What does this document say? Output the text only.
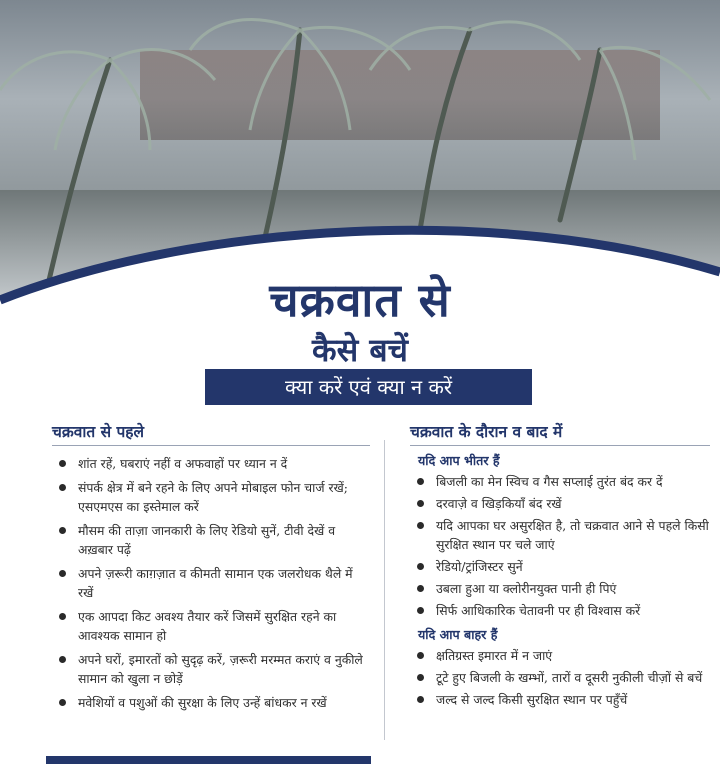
चक्रवात से
कैसे बचें
क्या करें एवं क्या न करें
चक्रवात से पहले
शांत रहें, घबराएं नहीं व अफवाहों पर ध्यान न दें
संपर्क क्षेत्र में बने रहने के लिए अपने मोबाइल फोन चार्ज रखें; एसएमएस का इस्तेमाल करें
मौसम की ताज़ा जानकारी के लिए रेडियो सुनें, टीवी देखें व अख़बार पढ़ें
अपने ज़रूरी काग़ज़ात व कीमती सामान एक जलरोधक थैले में रखें
एक आपदा किट अवश्य तैयार करें जिसमें सुरक्षित रहने का आवश्यक सामान हो
अपने घरों, इमारतों को सुदृढ़ करें, ज़रूरी मरम्मत कराएं व नुकीले सामान को खुला न छोड़ें
मवेशियों व पशुओं की सुरक्षा के लिए उन्हें बांधकर न रखें
चक्रवात के दौरान व बाद में
यदि आप भीतर हैं
बिजली का मेन स्विच व गैस सप्लाई तुरंत बंद कर दें
दरवाज़े व खिड़कियाँ बंद रखें
यदि आपका घर असुरक्षित है, तो चक्रवात आने से पहले किसी सुरक्षित स्थान पर चले जाएं
रेडियो/ट्रांजिस्टर सुनें
उबला हुआ या क्लोरीनयुक्त पानी ही पिएं
सिर्फ आधिकारिक चेतावनी पर ही विश्वास करें
यदि आप बाहर हैं
क्षतिग्रस्त इमारत में न जाएं
टूटे हुए बिजली के खम्भों, तारों व दूसरी नुकीली चीज़ों से बचें
जल्द से जल्द किसी सुरक्षित स्थान पर पहुँचें
